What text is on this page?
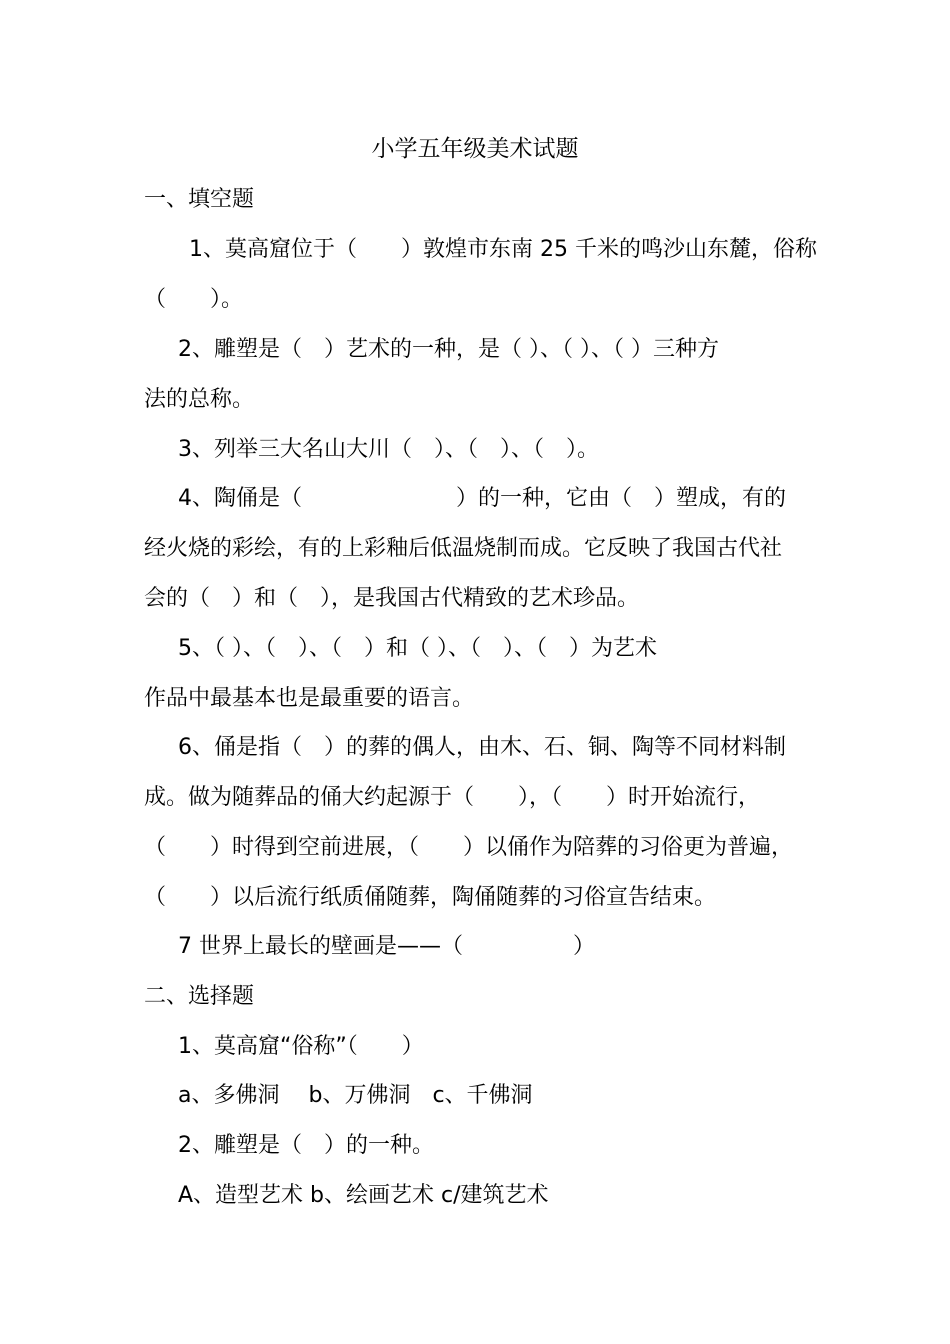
小学五年级美术试题
一、填空题
1、莫高窟位于（　　）敦煌市东南 25 千米的鸣沙山东麓，俗称
（　　）。
2、雕塑是（　）艺术的一种，是（ ）、（ ）、（ ）三种方
法的总称。
3、列举三大名山大川（　）、（　）、（　）。
4、陶俑是（　　　　　　　）的一种，它由（　）塑成，有的
经火烧的彩绘，有的上彩釉后低温烧制而成。它反映了我国古代社
会的（　）和（　），是我国古代精致的艺术珍品。
5、（ ）、（　）、（　）和（ ）、（　）、（　）为艺术
作品中最基本也是最重要的语言。
6、俑是指（　）的葬的偶人，由木、石、铜、陶等不同材料制
成。做为随葬品的俑大约起源于（　　），（　　）时开始流行，
（　　）时得到空前进展，（　　）以俑作为陪葬的习俗更为普遍，
（　　）以后流行纸质俑随葬，陶俑随葬的习俗宣告结束。
7 世界上最长的壁画是——（　　　　　）
二、选择题
1、莫高窟“俗称”（　　）
a、多佛洞　 b、万佛洞　c、千佛洞
2、雕塑是（　）的一种。
A、造型艺术 b、绘画艺术 c/建筑艺术
